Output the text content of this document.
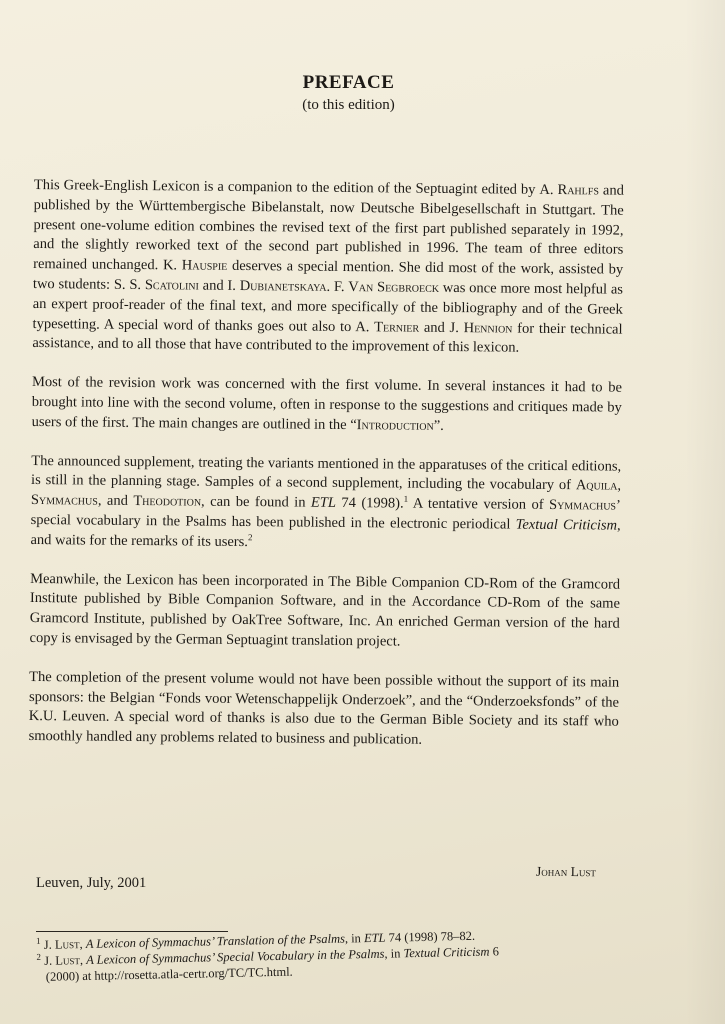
PREFACE
(to this edition)

This Greek-English Lexicon is a companion to the edition of the Septuagint edited by A. Rahlfs and published by the Württembergische Bibelanstalt, now Deutsche Bibelgesellschaft in Stuttgart. The present one-volume edition combines the revised text of the first part published separately in 1992, and the slightly reworked text of the second part published in 1996. The team of three editors remained unchanged. K. Hauspie deserves a special mention. She did most of the work, assisted by two students: S. S. Scatolini and I. Dubianetskaya. F. Van Segbroeck was once more most helpful as an expert proof-reader of the final text, and more specifically of the bibliography and of the Greek typesetting. A special word of thanks goes out also to A. Ternier and J. Hennion for their technical assistance, and to all those that have contributed to the improvement of this lexicon.

Most of the revision work was concerned with the first volume. In several instances it had to be brought into line with the second volume, often in response to the suggestions and critiques made by users of the first. The main changes are outlined in the “Introduction”.

The announced supplement, treating the variants mentioned in the apparatuses of the critical editions, is still in the planning stage. Samples of a second supplement, including the vocabulary of Aquila, Symmachus, and Theodotion, can be found in ETL 74 (1998).$^1$ A tentative version of Symmachus’ special vocabulary in the Psalms has been published in the electronic periodical Textual Criticism, and waits for the remarks of its users.$^2$

Meanwhile, the Lexicon has been incorporated in The Bible Companion CD-Rom of the Gramcord Institute published by Bible Companion Software, and in the Accordance CD-Rom of the same Gramcord Institute, published by OakTree Software, Inc. An enriched German version of the hard copy is envisaged by the German Septuagint translation project.

The completion of the present volume would not have been possible without the support of its main sponsors: the Belgian “Fonds voor Wetenschappelijk Onderzoek”, and the “Onderzoeksfonds” of the K.U. Leuven. A special word of thanks is also due to the German Bible Society and its staff who smoothly handled any problems related to business and publication.

Johan Lust
Leuven, July, 2001

$^1$ J. Lust, A Lexicon of Symmachus’ Translation of the Psalms, in ETL 74 (1998) 78–82.

$^2$ J. Lust, A Lexicon of Symmachus’ Special Vocabulary in the Psalms, in Textual Criticism 6

(2000) at http://rosetta.atla-certr.org/TC/TC.html.
